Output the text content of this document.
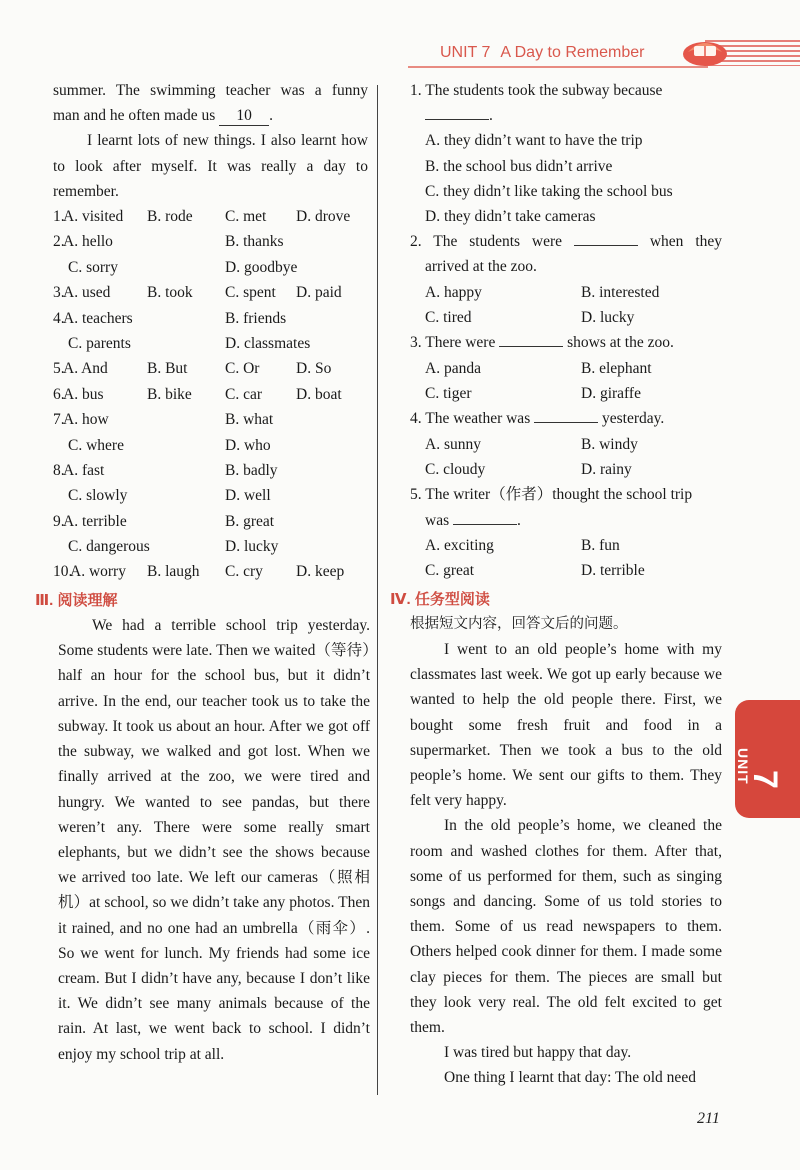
UNIT 7 A Day to Remember

summer. The swimming teacher was a funny

man and he often made us 10 .

I learnt lots of new things. I also learnt how to look after myself. It was really a day to remember.

1.
A. visited B. rode C. met D. drove
2.
A. hello	B. thanks
C. sorry	D. goodbye
3.
A. used B. took C. spent D. paid
4.
A. teachers	B. friends
C. parents	D. classmates
5.
A. And	B. But C. Or D. So
6.
A. bus	B. bike C. car D. boat
7.
A. how	B. what
C. where	D. who
8.
A. fast	B. badly
C. slowly	D. well
9.
A. terrible	B. great
C. dangerous	D. lucky
10.
A. worry B. laugh C. cry D. keep

Ⅲ. 阅读理解

We had a terrible school trip yesterday. Some students were late. Then we waited（等待）half an hour for the school bus, but it didn’t arrive. In the end, our teacher took us to take the subway. It took us about an hour. After we got off the subway, we walked and got lost. When we finally arrived at the zoo, we were tired and hungry. We wanted to see pandas, but there weren’t any. There were some really smart elephants, but we didn’t see the shows because we arrived too late. We left our cameras（照相机）at school, so we didn’t take any photos. Then it rained, and no one had an umbrella（雨伞）. So we went for lunch. My friends had some ice cream. But I didn’t have any, because I don’t like it. We didn’t see many animals because of the rain. At last, we went back to school. I didn’t enjoy my school trip at all.

1. The students took the subway because

.

A. they didn’t want to have the trip

B. the school bus didn’t arrive

C. they didn’t like taking the school bus

D. they didn’t take cameras

2. The students were	when they

arrived at the zoo.

A. happy	B. interested
C. tired	D. lucky

3. There were	shows at the zoo.

A. panda	B. elephant
C. tiger	D. giraffe

4. The weather was	yesterday.

A. sunny	B. windy
C. cloudy	D. rainy

5. The writer（作者）thought the school trip

was	.

A. exciting	B. fun
C. great	D. terrible

Ⅳ. 任务型阅读

根据短文内容，回答文后的问题。

I went to an old people’s home with my classmates last week. We got up early because we wanted to help the old people there. First, we bought some fresh fruit and food in a supermarket. Then we took a bus to the old people’s home. We sent our gifts to them. They felt very happy.

In the old people’s home, we cleaned the room and washed clothes for them. After that, some of us performed for them, such as singing songs and dancing. Some of us told stories to them. Some of us read newspapers to them. Others helped cook dinner for them. I made some clay pieces for them. The pieces are small but they look very real. The old felt excited to get them.

I was tired but happy that day.

One thing I learnt that day: The old need

UNIT
7
211
